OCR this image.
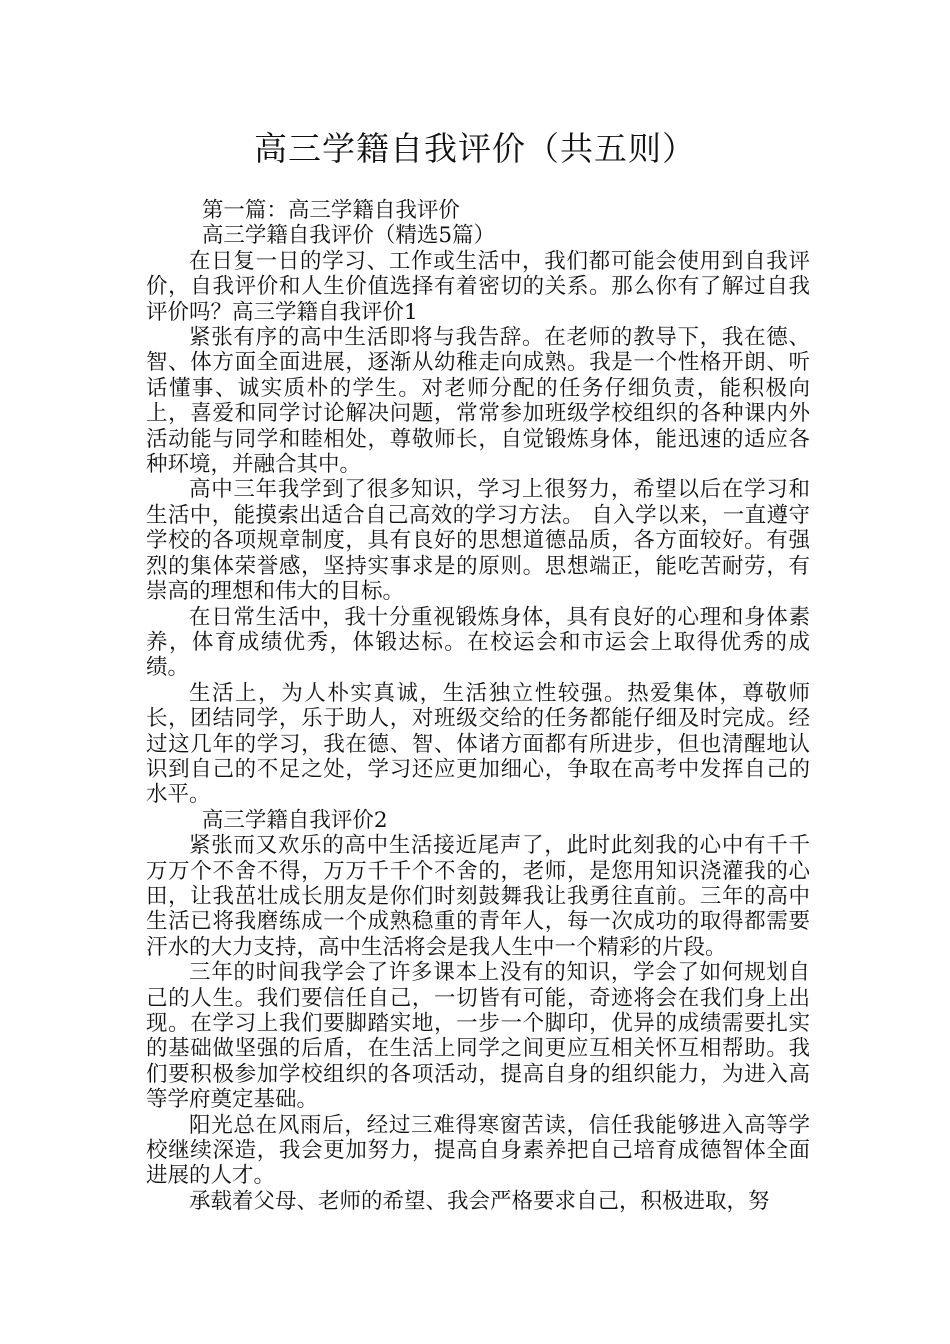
高三学籍自我评价（共五则）

第一篇：高三学籍自我评价

高三学籍自我评价（精选5篇）

在日复一日的学习、工作或生活中，我们都可能会使用到自我评价，自我评价和人生价值选择有着密切的关系。那么你有了解过自我评价吗？高三学籍自我评价1

紧张有序的高中生活即将与我告辞。在老师的教导下，我在德、智、体方面全面进展，逐渐从幼稚走向成熟。我是一个性格开朗、听话懂事、诚实质朴的学生。对老师分配的任务仔细负责，能积极向上，喜爱和同学讨论解决问题，常常参加班级学校组织的各种课内外活动能与同学和睦相处，尊敬师长，自觉锻炼身体，能迅速的适应各种环境，并融合其中。

高中三年我学到了很多知识，学习上很努力，希望以后在学习和生活中，能摸索出适合自己高效的学习方法。 自入学以来，一直遵守学校的各项规章制度，具有良好的思想道德品质，各方面较好。有强烈的集体荣誉感，坚持实事求是的原则。思想端正，能吃苦耐劳，有崇高的理想和伟大的目标。

在日常生活中，我十分重视锻炼身体，具有良好的心理和身体素养，体育成绩优秀，体锻达标。在校运会和市运会上取得优秀的成绩。

生活上，为人朴实真诚，生活独立性较强。热爱集体，尊敬师长，团结同学，乐于助人，对班级交给的任务都能仔细及时完成。经过这几年的学习，我在德、智、体诸方面都有所进步，但也清醒地认识到自己的不足之处，学习还应更加细心，争取在高考中发挥自己的水平。

高三学籍自我评价2

紧张而又欢乐的高中生活接近尾声了，此时此刻我的心中有千千万万个不舍不得，万万千千个不舍的，老师，是您用知识浇灌我的心田，让我茁壮成长朋友是你们时刻鼓舞我让我勇往直前。三年的高中生活已将我磨练成一个成熟稳重的青年人，每一次成功的取得都需要汗水的大力支持，高中生活将会是我人生中一个精彩的片段。

三年的时间我学会了许多课本上没有的知识，学会了如何规划自己的人生。我们要信任自己，一切皆有可能，奇迹将会在我们身上出现。在学习上我们要脚踏实地，一步一个脚印，优异的成绩需要扎实的基础做坚强的后盾，在生活上同学之间更应互相关怀互相帮助。我们要积极参加学校组织的各项活动，提高自身的组织能力，为进入高等学府奠定基础。

阳光总在风雨后，经过三难得寒窗苦读，信任我能够进入高等学校继续深造，我会更加努力，提高自身素养把自己培育成德智体全面进展的人才。

承载着父母、老师的希望、我会严格要求自己，积极进取，努
